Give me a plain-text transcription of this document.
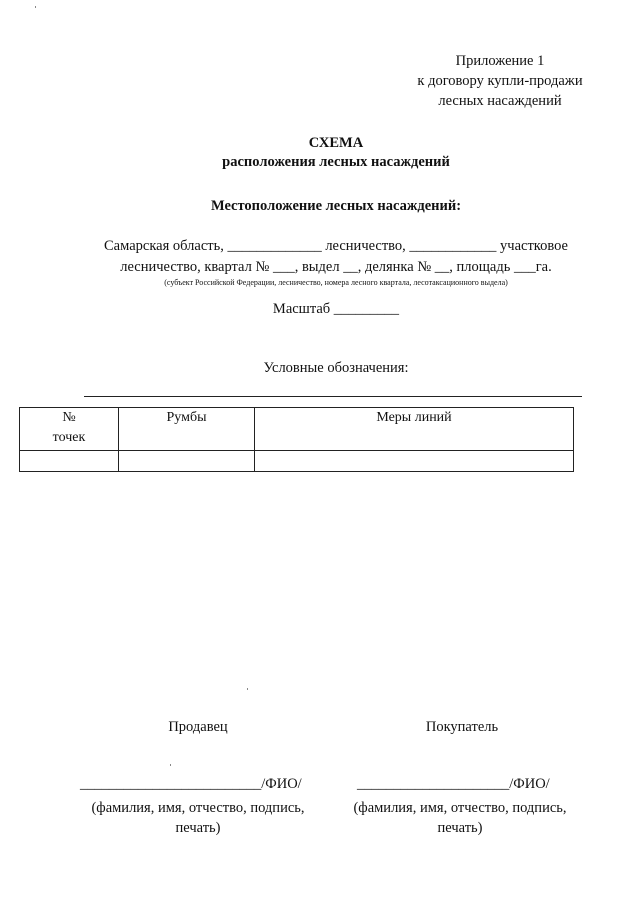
Приложение 1
к договору купли-продажи
лесных насаждений
СХЕМА
расположения лесных насаждений
Местоположение лесных насаждений:
Самарская область, _____________ лесничество, ____________ участковое
лесничество, квартал № ___, выдел __, делянка № __, площадь ___га.
(субъект Российской Федерации, лесничество, номера лесного квартала, лесотаксационного выдела)
Масштаб _________
Условные обозначения:
№ точек	Румбы	Меры линий

Продавец
_________________________/ФИО/
(фамилия, имя, отчество, подпись,
печать)
Покупатель
_____________________/ФИО/
(фамилия, имя, отчество, подпись,
печать)
